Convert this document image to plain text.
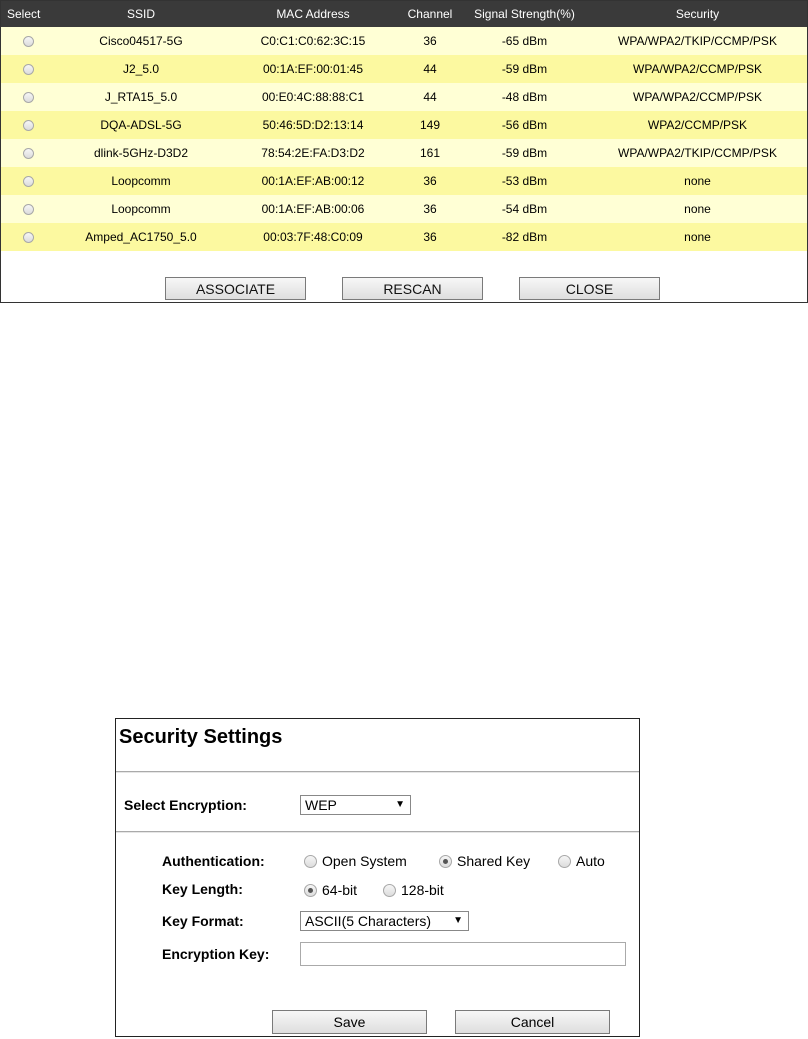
Select	SSID	MAC Address	Channel	Signal Strength(%)	Security
	Cisco04517-5G	C0:C1:C0:62:3C:15	36	-65 dBm	WPA/WPA2/TKIP/CCMP/PSK
	J2_5.0	00:1A:EF:00:01:45	44	-59 dBm	WPA/WPA2/CCMP/PSK
	J_RTA15_5.0	00:E0:4C:88:88:C1	44	-48 dBm	WPA/WPA2/CCMP/PSK
	DQA-ADSL-5G	50:46:5D:D2:13:14	149	-56 dBm	WPA2/CCMP/PSK
	dlink-5GHz-D3D2	78:54:2E:FA:D3:D2	161	-59 dBm	WPA/WPA2/TKIP/CCMP/PSK
	Loopcomm	00:1A:EF:AB:00:12	36	-53 dBm	none
	Loopcomm	00:1A:EF:AB:00:06	36	-54 dBm	none
	Amped_AC1750_5.0	00:03:7F:48:C0:09	36	-82 dBm	none
ASSOCIATE	RESCAN	CLOSE
Security Settings
Select Encryption:	WEP	▼
Authentication:	Open System	Shared Key	Auto
Key Length:	64-bit	128-bit
Key Format:	ASCII(5 Characters) ▼
Encryption Key:
Save	Cancel
